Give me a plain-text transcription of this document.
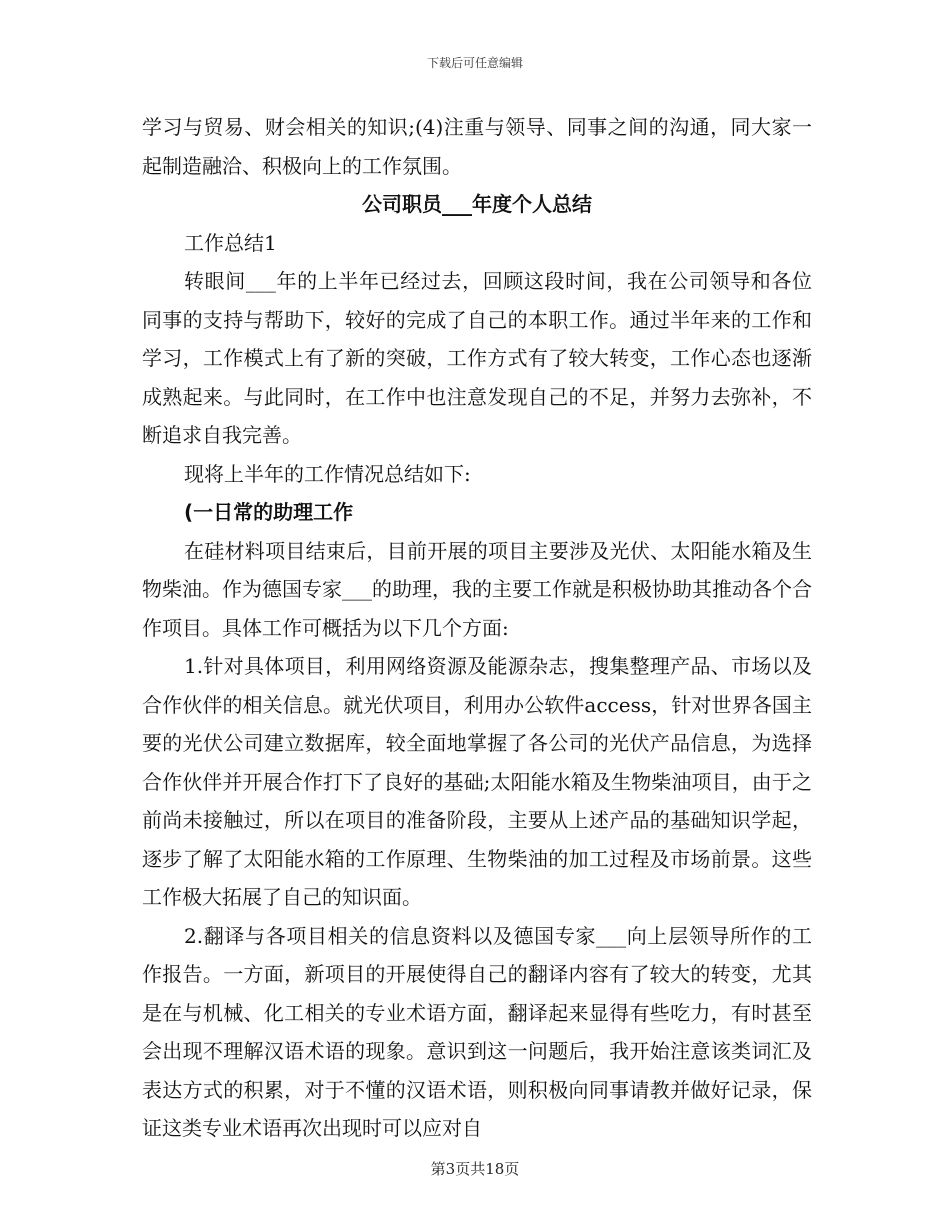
下载后可任意编辑

学习与贸易、财会相关的知识;(4)注重与领导、同事之间的沟通，同大家一起制造融洽、积极向上的工作氛围。

公司职员___年度个人总结

工作总结1

转眼间___年的上半年已经过去，回顾这段时间，我在公司领导和各位同事的支持与帮助下，较好的完成了自己的本职工作。通过半年来的工作和学习，工作模式上有了新的突破，工作方式有了较大转变，工作心态也逐渐成熟起来。与此同时，在工作中也注意发现自己的不足，并努力去弥补，不断追求自我完善。

现将上半年的工作情况总结如下:

(一日常的助理工作

在硅材料项目结束后，目前开展的项目主要涉及光伏、太阳能水箱及生物柴油。作为德国专家___的助理，我的主要工作就是积极协助其推动各个合作项目。具体工作可概括为以下几个方面:

1.针对具体项目，利用网络资源及能源杂志，搜集整理产品、市场以及合作伙伴的相关信息。就光伏项目，利用办公软件access，针对世界各国主要的光伏公司建立数据库，较全面地掌握了各公司的光伏产品信息，为选择合作伙伴并开展合作打下了良好的基础;太阳能水箱及生物柴油项目，由于之前尚未接触过，所以在项目的准备阶段，主要从上述产品的基础知识学起，逐步了解了太阳能水箱的工作原理、生物柴油的加工过程及市场前景。这些工作极大拓展了自己的知识面。

2.翻译与各项目相关的信息资料以及德国专家___向上层领导所作的工作报告。一方面，新项目的开展使得自己的翻译内容有了较大的转变，尤其是在与机械、化工相关的专业术语方面，翻译起来显得有些吃力，有时甚至会出现不理解汉语术语的现象。意识到这一问题后，我开始注意该类词汇及表达方式的积累，对于不懂的汉语术语，则积极向同事请教并做好记录，保证这类专业术语再次出现时可以应对自

第3页共18页
